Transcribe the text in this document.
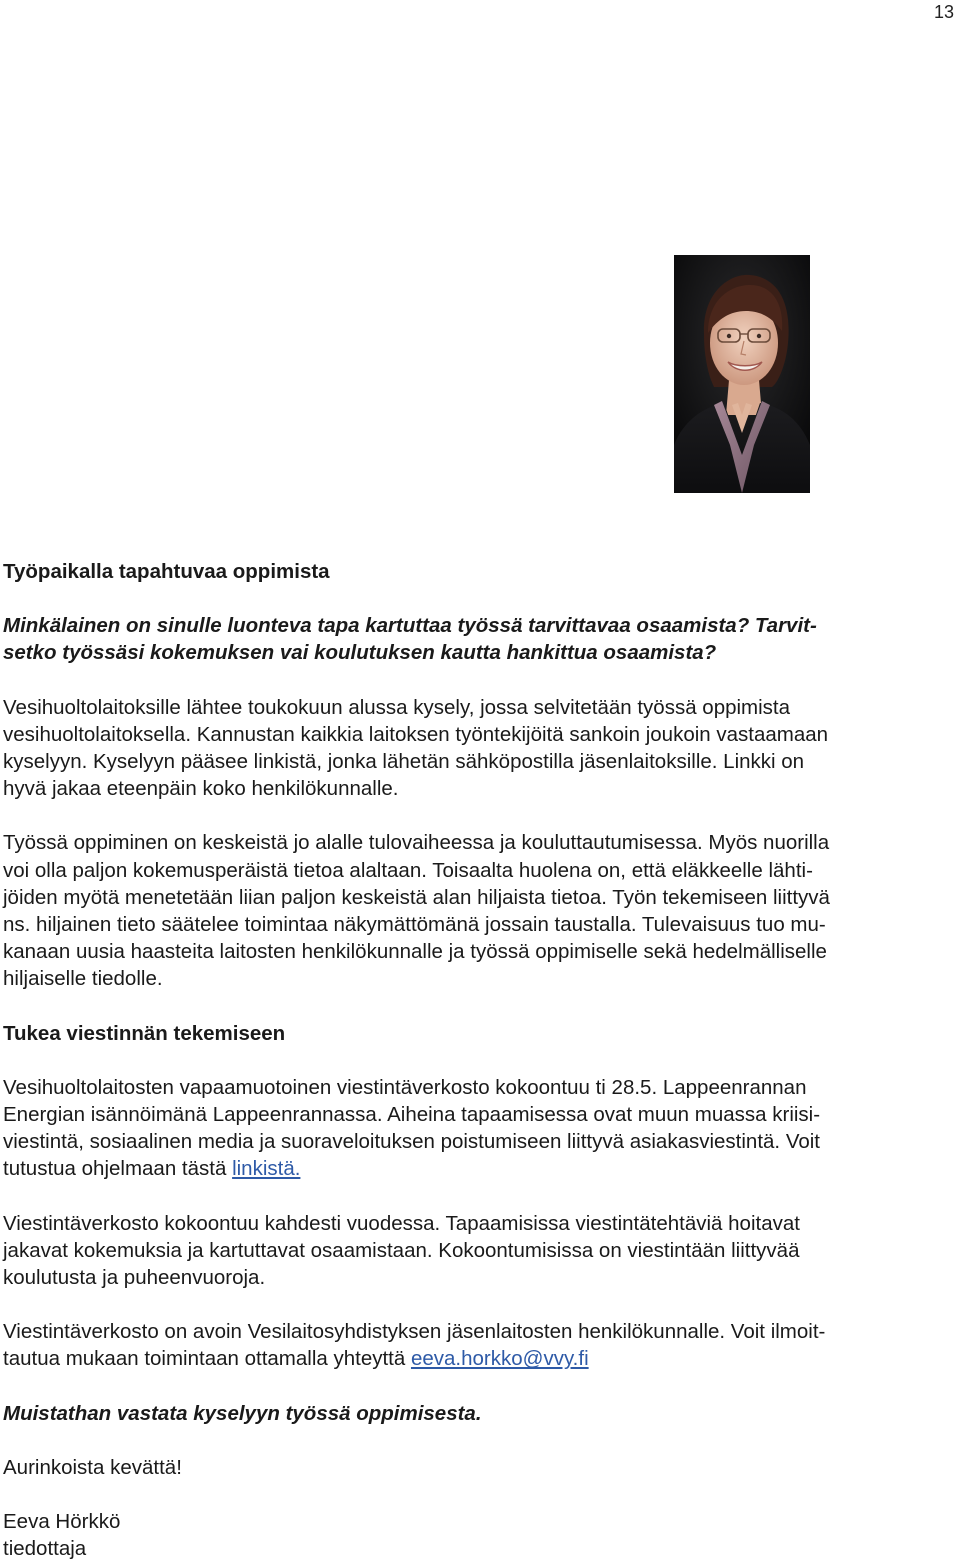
13

Työpaikalla tapahtuvaa oppimista

Minkälainen on sinulle luonteva tapa kartuttaa työssä tarvittavaa osaamista? Tarvit-
setko työssäsi kokemuksen vai koulutuksen kautta hankittua osaamista?

Vesihuoltolaitoksille lähtee toukokuun alussa kysely, jossa selvitetään työssä oppimista
vesihuoltolaitoksella. Kannustan kaikkia laitoksen työntekijöitä sankoin joukoin vastaamaan
kyselyyn. Kyselyyn pääsee linkistä, jonka lähetän sähköpostilla jäsenlaitoksille. Linkki on
hyvä jakaa eteenpäin koko henkilökunnalle.

Työssä oppiminen on keskeistä jo alalle tulovaiheessa ja kouluttautumisessa. Myös nuorilla
voi olla paljon kokemusperäistä tietoa alaltaan. Toisaalta huolena on, että eläkkeelle lähti-
jöiden myötä menetetään liian paljon keskeistä alan hiljaista tietoa. Työn tekemiseen liittyvä
ns. hiljainen tieto säätelee toimintaa näkymättömänä jossain taustalla. Tulevaisuus tuo mu-
kanaan uusia haasteita laitosten henkilökunnalle ja työssä oppimiselle sekä hedelmälliselle
hiljaiselle tiedolle.

Tukea viestinnän tekemiseen

Vesihuoltolaitosten vapaamuotoinen viestintäverkosto kokoontuu ti 28.5. Lappeenrannan
Energian isännöimänä Lappeenrannassa. Aiheina tapaamisessa ovat muun muassa kriisi-
viestintä, sosiaalinen media ja suoraveloituksen poistumiseen liittyvä asiakasviestintä. Voit
tutustua ohjelmaan tästä linkistä.

Viestintäverkosto kokoontuu kahdesti vuodessa. Tapaamisissa viestintätehtäviä hoitavat
jakavat kokemuksia ja kartuttavat osaamistaan. Kokoontumisissa on viestintään liittyvää
koulutusta ja puheenvuoroja.

Viestintäverkosto on avoin Vesilaitosyhdistyksen jäsenlaitosten henkilökunnalle. Voit ilmoit-
tautua mukaan toimintaan ottamalla yhteyttä eeva.horkko@vvy.fi

Muistathan vastata kyselyyn työssä oppimisesta.

Aurinkoista kevättä!

Eeva Hörkkö
tiedottaja
